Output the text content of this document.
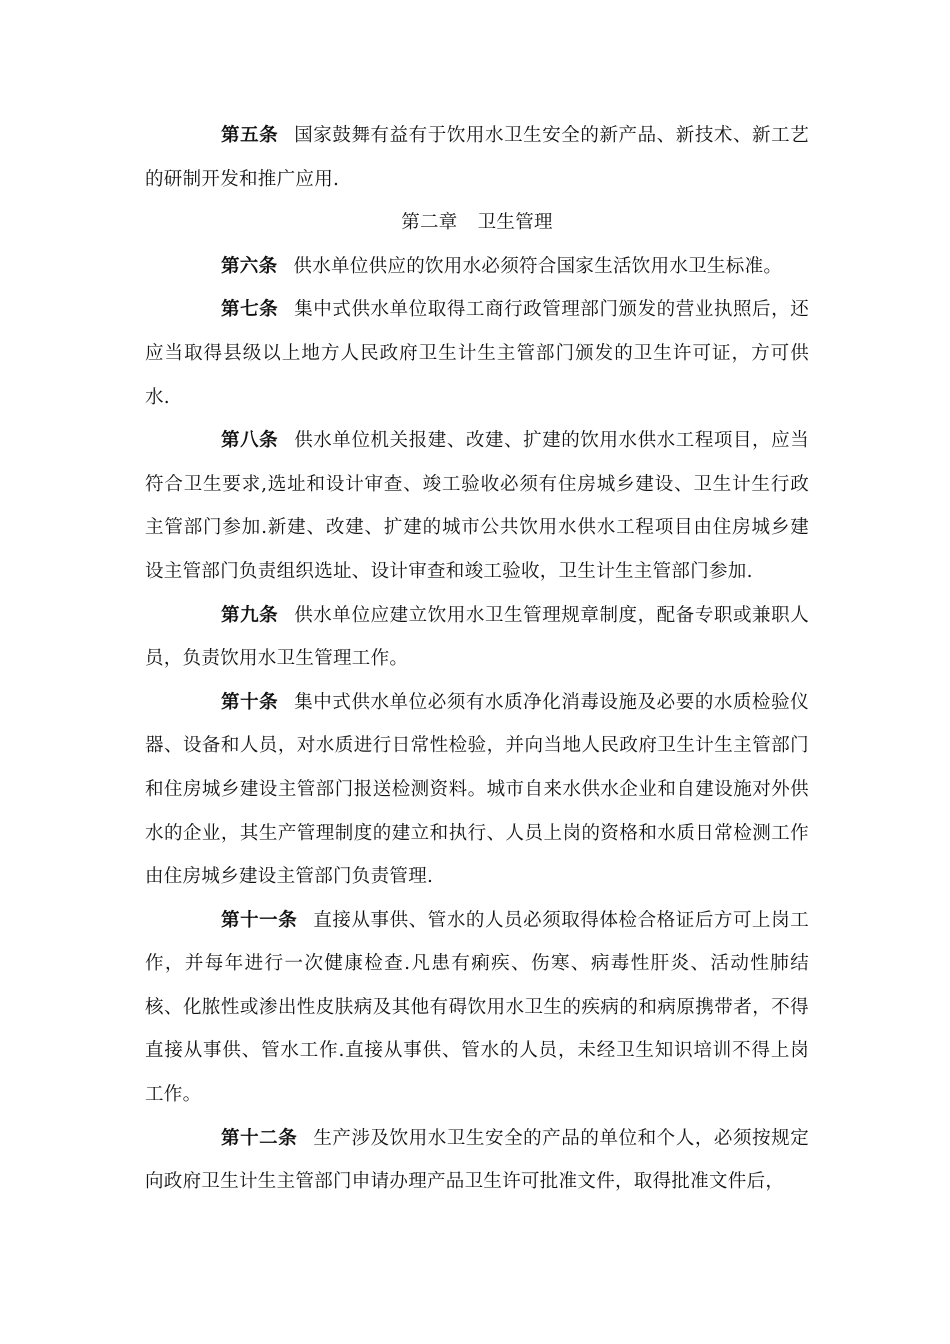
第五条 国家鼓舞有益有于饮用水卫生安全的新产品、新技术、新工艺的研制开发和推广应用.

第二章 卫生管理

第六条 供水单位供应的饮用水必须符合国家生活饮用水卫生标准。

第七条 集中式供水单位取得工商行政管理部门颁发的营业执照后，还应当取得县级以上地方人民政府卫生计生主管部门颁发的卫生许可证，方可供水.

第八条 供水单位机关报建、改建、扩建的饮用水供水工程项目，应当符合卫生要求,选址和设计审查、竣工验收必须有住房城乡建设、卫生计生行政主管部门参加.新建、改建、扩建的城市公共饮用水供水工程项目由住房城乡建设主管部门负责组织选址、设计审查和竣工验收，卫生计生主管部门参加.

第九条 供水单位应建立饮用水卫生管理规章制度，配备专职或兼职人员，负责饮用水卫生管理工作。

第十条 集中式供水单位必须有水质净化消毒设施及必要的水质检验仪器、设备和人员，对水质进行日常性检验，并向当地人民政府卫生计生主管部门和住房城乡建设主管部门报送检测资料。城市自来水供水企业和自建设施对外供水的企业，其生产管理制度的建立和执行、人员上岗的资格和水质日常检测工作由住房城乡建设主管部门负责管理.

第十一条 直接从事供、管水的人员必须取得体检合格证后方可上岗工作，并每年进行一次健康检查.凡患有痢疾、伤寒、病毒性肝炎、活动性肺结核、化脓性或渗出性皮肤病及其他有碍饮用水卫生的疾病的和病原携带者，不得直接从事供、管水工作.直接从事供、管水的人员，未经卫生知识培训不得上岗工作。

第十二条 生产涉及饮用水卫生安全的产品的单位和个人，必须按规定向政府卫生计生主管部门申请办理产品卫生许可批准文件，取得批准文件后，
